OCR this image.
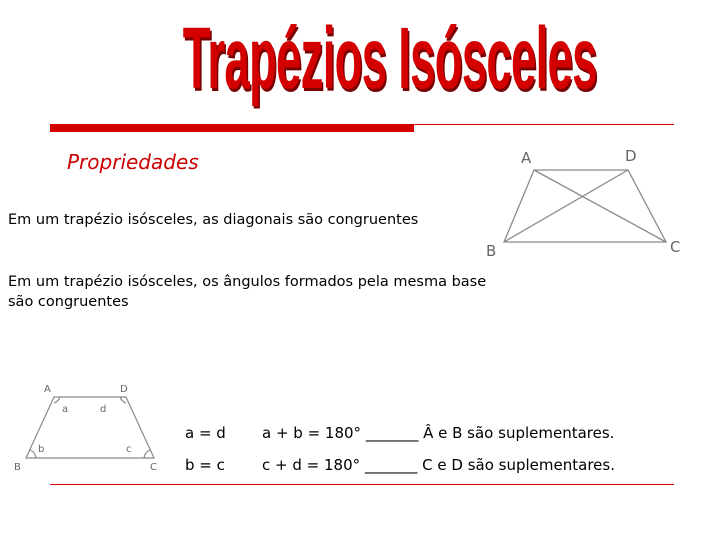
Trapézios Isósceles
Propriedades
Em um trapézio isósceles, as diagonais são congruentes
A	D
B	C
Em um trapézio isósceles, os ângulos formados pela mesma base são congruentes
A	D
B	C
a	d
b	c
a = d a + b = 180° _______ Â e B são suplementares.
b = c c + d = 180° _______ C e D são suplementares.
